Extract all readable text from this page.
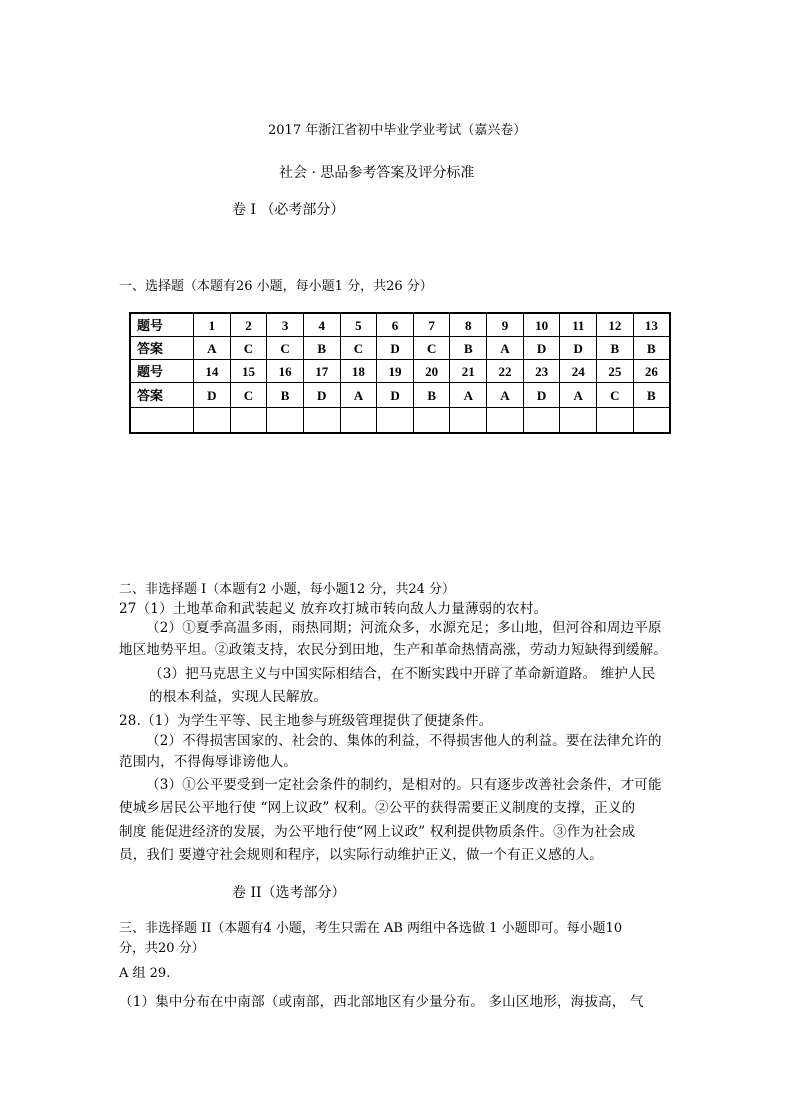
2017 年浙江省初中毕业学业考试（嘉兴卷）
社会 · 思品参考答案及评分标准
卷 I （必考部分）
一、选择题（本题有26 小题，每小题1 分，共26 分）
题号	1	2	3	4	5	6	7	8	9	10	11	12	13
答案	A	C	C	B	C	D	C	B	A	D	D	B	B
题号	14	15	16	17	18	19	20	21	22	23	24	25	26
答案	D	C	B	D	A	D	B	A	A	D	A	C	B

二、非选择题 I（本题有2 小题，每小题12 分，共24 分）
27（1）土地革命和武装起义 放弃攻打城市转向敌人力量薄弱的农村。
（2）①夏季高温多雨，雨热同期；河流众多，水源充足；多山地，但河谷和周边平原
地区地势平坦。②政策支持，农民分到田地，生产和革命热情高涨，劳动力短缺得到缓解。
（3）把马克思主义与中国实际相结合，在不断实践中开辟了革命新道路。 维护人民
的根本利益，实现人民解放。
28.（1）为学生平等、民主地参与班级管理提供了便捷条件。
（2）不得损害国家的、社会的、集体的利益，不得损害他人的利益。要在法律允许的
范围内，不得侮辱诽谤他人。
（3）①公平要受到一定社会条件的制约，是相对的。只有逐步改善社会条件，才可能
使城乡居民公平地行使 “网上议政” 权利。②公平的获得需要正义制度的支撑，正义的
制度 能促进经济的发展，为公平地行使“网上议政” 权利提供物质条件。③作为社会成
员，我们 要遵守社会规则和程序，以实际行动维护正义，做一个有正义感的人。
卷 II（选考部分）
三、非选择题 II（本题有4 小题，考生只需在 AB 两组中各选做 1 小题即可。每小题10
分，共20 分）
A 组 29.
（1）集中分布在中南部（或南部，西北部地区有少量分布。 多山区地形，海拔高， 气
